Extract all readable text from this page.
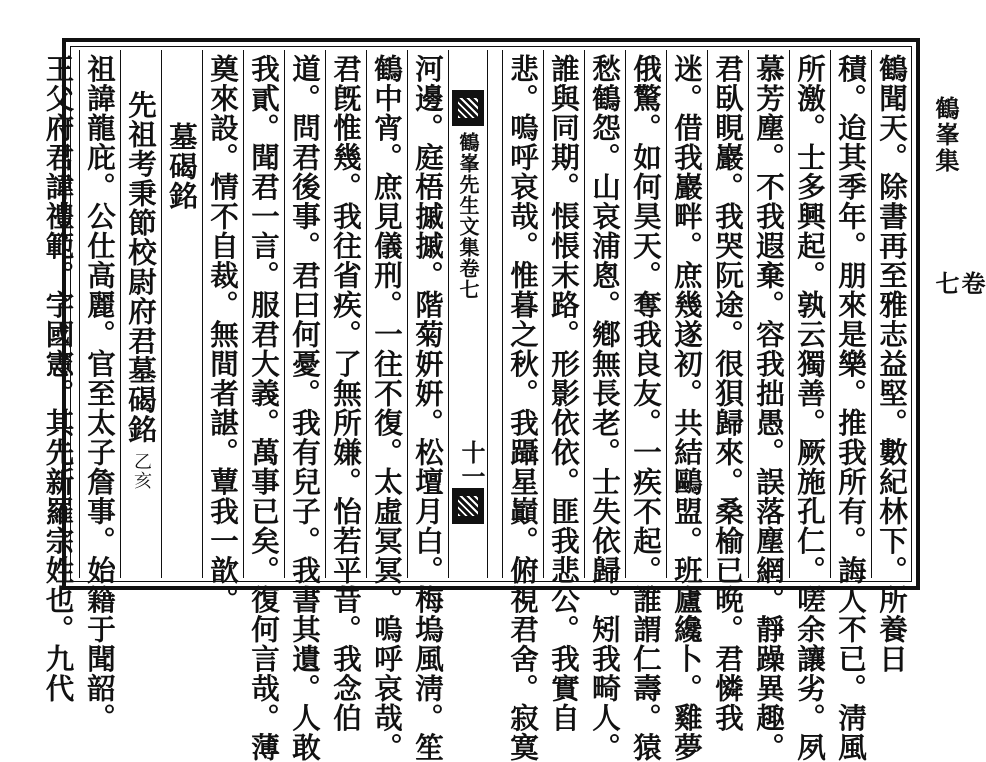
鶴峯集
卷七
鶴聞天。除書再至雅志益堅。數紀林下。所養日
積。迨其季年。朋來是樂。推我所有。誨人不已。淸風
所激。士多興起。孰云獨善。厥施孔仁。嗟余讓劣。夙
慕芳塵。不我遐棄。容我拙愚。誤落塵網。靜躁異趣。
君臥睍巖。我哭阮途。很狽歸來。桑榆已晩。君憐我
迷。借我巖畔。庶幾遂初。共結鷗盟。班廬纔卜。雞夢
俄驚。如何昊天。奪我良友。一疾不起。誰謂仁壽。猿
愁鶴怨。山哀浦悤。鄕無長老。士失依歸。矧我畸人。
誰與同期。悵悵末路。形影依依。匪我悲公。我實自
悲。嗚呼哀哉。惟暮之秋。我躡星巓。俯視君舍。寂寞
鶴峯先生文集卷七
十一
河邊。庭梧摵摵。階菊姸姸。松壇月白。梅塢風淸。笙
鶴中宵。庶見儀刑。一往不復。太虛冥冥。嗚呼哀哉。
君旣惟幾。我往省疾。了無所嫌。怡若平昔。我念伯
道。問君後事。君曰何憂。我有兒子。我書其遺。人敢
我貳。聞君一言。服君大義。萬事已矣。復何言哉。薄
奠來設。情不自裁。無間者諶。蕈我一歆。
墓碣銘
先祖考秉節校尉府君墓碣銘乙亥
祖諱龍庇。公仕高麗。官至太子詹事。始籍于聞韶。
王父府君諱禮範。字國憲。其先新羅宗姓也。九代
